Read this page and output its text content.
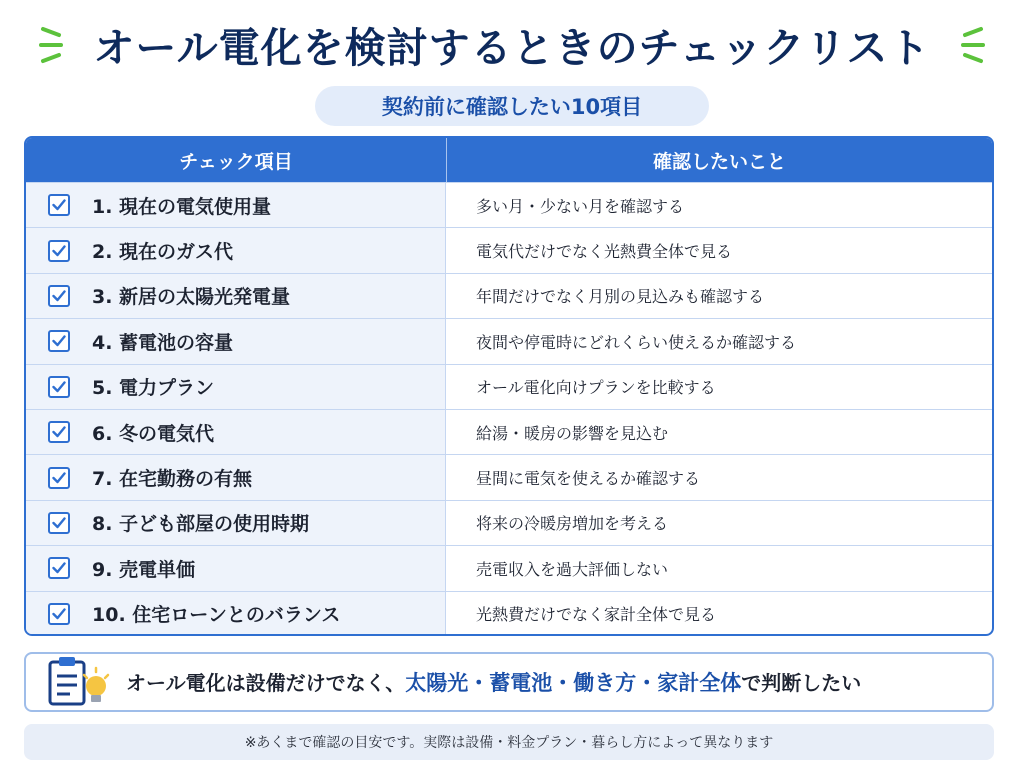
オール電化を検討するときのチェックリスト
契約前に確認したい10項目
チェック項目	確認したいこと
1. 現在の電気使用量	多い月・少ない月を確認する
2. 現在のガス代	電気代だけでなく光熱費全体で見る
3. 新居の太陽光発電量	年間だけでなく月別の見込みも確認する
4. 蓄電池の容量	夜間や停電時にどれくらい使えるか確認する
5. 電力プラン	オール電化向けプランを比較する
6. 冬の電気代	給湯・暖房の影響を見込む
7. 在宅勤務の有無	昼間に電気を使えるか確認する
8. 子ども部屋の使用時期	将来の冷暖房増加を考える
9. 売電単価	売電収入を過大評価しない
10. 住宅ローンとのバランス	光熱費だけでなく家計全体で見る
オール電化は設備だけでなく、太陽光・蓄電池・働き方・家計全体で判断したい
※あくまで確認の目安です。実際は設備・料金プラン・暮らし方によって異なります
